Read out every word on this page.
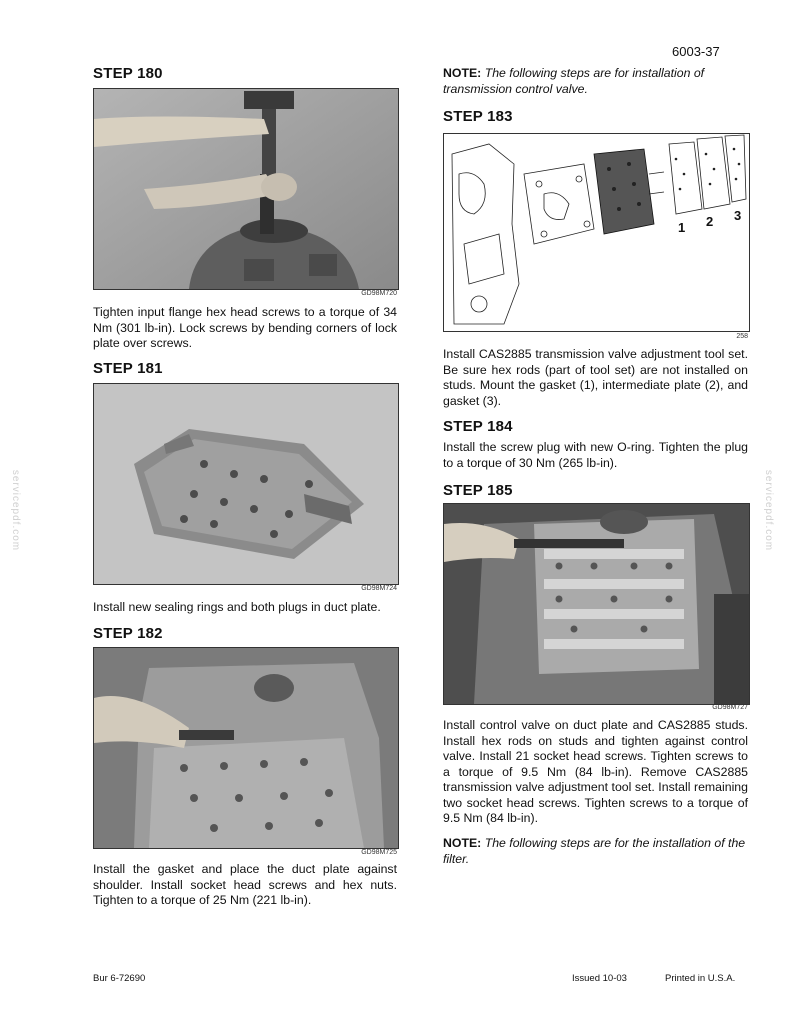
6003-37
servicepdf.com	servicepdf.com
STEP 180
GD98M720
Tighten input flange hex head screws to a torque of 34 Nm (301 lb-in). Lock screws by bending corners of lock plate over screws.
STEP 181
GD98M724
Install new sealing rings and both plugs in duct plate.
STEP 182
GD98M725
Install the gasket and place the duct plate against shoulder. Install socket head screws and hex nuts. Tighten to a torque of 25 Nm (221 lb-in).
NOTE: The following steps are for installation of transmission control valve.
STEP 183
1 2 3
258
Install CAS2885 transmission valve adjustment tool set. Be sure hex rods (part of tool set) are not installed on studs. Mount the gasket (1), intermediate plate (2), and gasket (3).
STEP 184
Install the screw plug with new O-ring. Tighten the plug to a torque of 30 Nm (265 lb-in).
STEP 185
GD98M727
Install control valve on duct plate and CAS2885 studs. Install hex rods on studs and tighten against control valve. Install 21 socket head screws. Tighten screws to a torque of 9.5 Nm (84 lb-in). Remove CAS2885 transmission valve adjustment tool set. Install remaining two socket head screws. Tighten screws to a torque of 9.5 Nm (84 lb-in).
NOTE: The following steps are for the installation of the filter.
Bur 6-72690	Issued 10-03	Printed in U.S.A.
